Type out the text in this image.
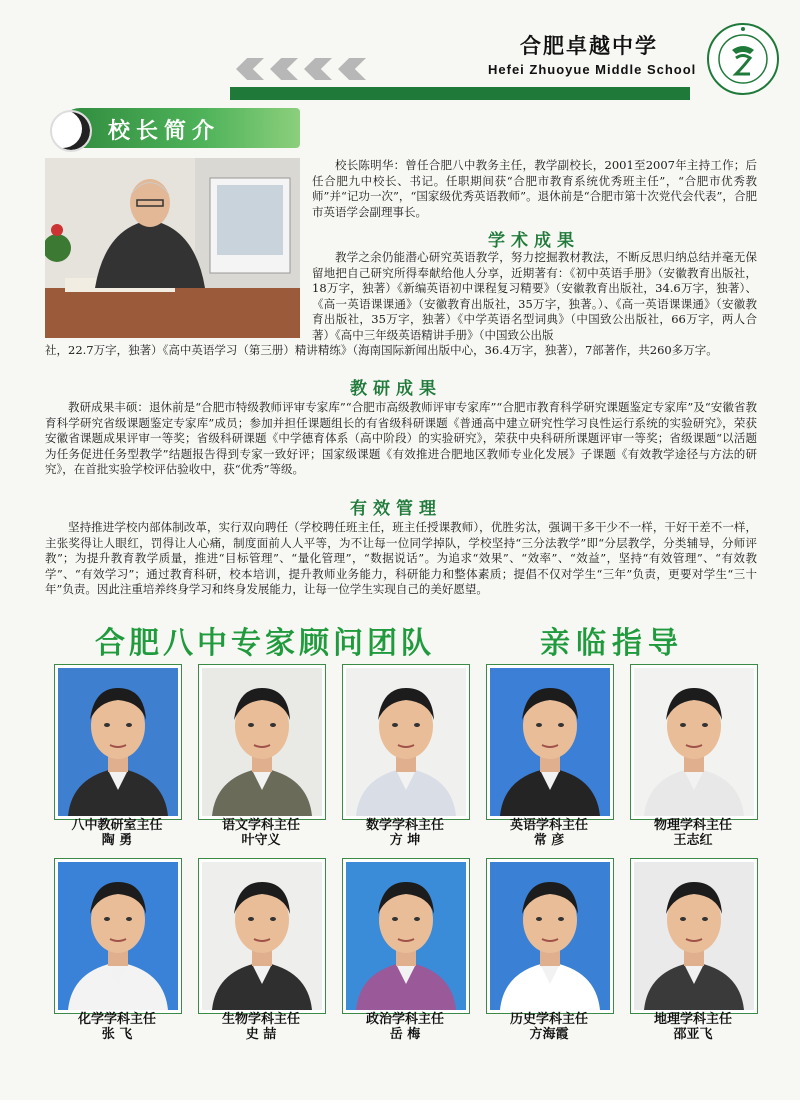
合肥卓越中学
Hefei Zhuoyue Middle School
校长简介
校长陈明华：曾任合肥八中教务主任，教学副校长，2001至2007年主持工作；后任合肥九中校长、书记。任职期间获“合肥市教育系统优秀班主任”，“合肥市优秀教师”并“记功一次”，“国家级优秀英语教师”。退休前是“合肥市第十次党代会代表”，合肥市英语学会副理事长。
学术成果
教学之余仍能潜心研究英语教学，努力挖掘教材教法，不断反思归纳总结并毫无保留地把自己研究所得奉献给他人分享，近期著有：《初中英语手册》（安徽教育出版社，18万字，独著）《新编英语初中课程复习精要》（安徽教育出版社，34.6万字，独著）、《高一英语课课通》（安徽教育出版社，35万字，独著。）、《高一英语课课通》（安徽教育出版社，35万字，独著）《中学英语名型词典》（中国致公出版社，66万字，两人合著）《高中三年级英语精讲手册》（中国致公出版
社，22.7万字，独著）《高中英语学习（第三册）精讲精练》（海南国际新闻出版中心，36.4万字，独著），7部著作，共260多万字。
教研成果
教研成果丰硕：退休前是“合肥市特级教师评审专家库”“合肥市高级教师评审专家库”“合肥市教育科学研究课题鉴定专家库”及“安徽省教育科学研究省级课题鉴定专家库”成员；参加并担任课题组长的有省级科研课题《普通高中建立研究性学习良性运行系统的实验研究》，荣获安徽省课题成果评审一等奖；省级科研课题《中学德育体系（高中阶段）的实验研究》，荣获中央科研所课题评审一等奖；省级课题“以活题为任务促进任务型教学”结题报告得到专家一致好评；国家级课题《有效推进合肥地区教师专业化发展》子课题《有效教学途径与方法的研究》，在首批实验学校评估验收中，获“优秀”等级。
有效管理
坚持推进学校内部体制改革，实行双向聘任（学校聘任班主任，班主任授课教师），优胜劣汰，强调干多干少不一样，干好干差不一样，主张奖得让人眼红，罚得让人心痛，制度面前人人平等，为不让每一位同学掉队，学校坚持“三分法教学”即“分层教学，分类辅导，分师评教”；为提升教育教学质量，推进“目标管理”、“量化管理”，“数据说话”。为追求“效果”、“效率”、“效益”，坚持“有效管理”、“有效教学”、“有效学习”；通过教育科研，校本培训，提升教师业务能力，科研能力和整体素质；提倡不仅对学生“三年”负责，更要对学生“三十年”负责。因此注重培养终身学习和终身发展能力，让每一位学生实现自己的美好愿望。
合肥八中专家顾问团队	亲临指导
八中教研室主任
陶 勇
语文学科主任
叶守义
数学学科主任
方 坤
英语学科主任
常 彦
物理学科主任
王志红
化学学科主任
张 飞
生物学科主任
史 喆
政治学科主任
岳 梅
历史学科主任
方海霞
地理学科主任
邵亚飞
